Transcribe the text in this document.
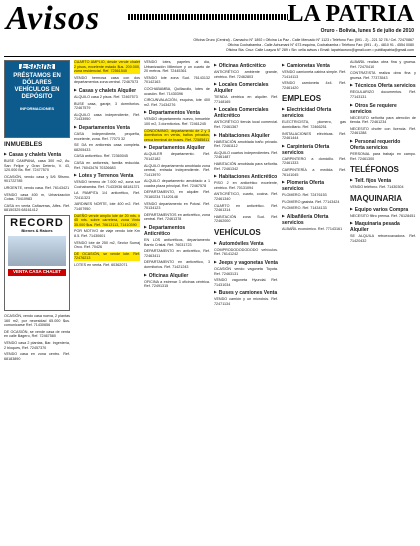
Avisos	LA PATRIA
Oruro - Bolivia, lunes 5 de julio de 2010
Oficina Oruro (Central) - Camacho N° 1892 • Oficina La Paz - Calle Mercado N° 1123 • Teléfono Fax: (591 - 2) - 221 32 78 / Cel. 72470867
Oficina Cochabamba - Calle Achumani N° 673 esquina, Cochabamba • Teléfono Fax: (591 - 4) - 4810 91 - 4554 0080
Oficina Sta. Cruz: Calle Loayza N° 289 • Sin: cella avisos • Email: lapatriaoruro@gmail.com • publilapatria@gmail.com
España
PRÉSTAMOS EN DÓLARES
VEHÍCULOS EN DEPÓSITO
INFORMACIONES
INMUEBLES
▶ Casas y chalets Venta

BUSE CAMPANA, casa 300 m2, Av. San Felipe y Gran Deterio, V. 43, 120.000 Bs. Ref. 72477570

OCASIÓN, vendo casa y 5/6 Sfismo. 901722785

URGENTE, vendo casa. Ref. 76143421

VENDO casa 400 m, Urbanización Cotas. 70410983

CASA en venta Cañaveras, Alfes. Ref. 68150325 68161412

RECORD
Bienes & Raíces
VENTA CASA CHALET

OCASIÓN, vendo casa nueva, 2 plantas 160 m2, por necesidad 65.000 $us. comunicarse Ref. 71430656

DE OCASIÓN, se vende casa de venta en calle Bagero, Ref. 72467580

VENDO casa 2 plantas, Bar. Ingeniería, 2 bloques, Ref. 72457370

VENDO casa en zona centro. Ref. 68183890

CUARTO AMPLIO, desde vende chalet 2 pisos, excelente estado $us. 200.000, zona residencial. Ref. 72561540

VENDO hermosa casa con dos departamentos zona central. 72467573

▶ Casas y chalets Alquiler

ALQUILO casa 2 pisos. Ref. 72467573

BUSE casa, garaje, 3 dormitorios. 72467579

ALQUILO casa independiente, Ref. 71433950

▶ Departamentos Venta

CASA independiente, pequeña, excelente, zona. Ref. 77073 32

SE DA en anticresis casa completa. 68205433

CASA anticrético. Ref. 72360045

CASA en anticresis, familia reducida. Ref. 76043476 70326683

▶ Lotes y Terrenos Venta

VENDO terreno de 7.000 m2, zona sur Cochabamba. Ref. 71433936 68181371

LA PAMPITA 1/4 anticrético, Ref. 72411323

JARDINES NORTE, lote 400 m2. Ref. 71407950

DUEÑO vende amplio lote de 20 mts. x 45 mts. sobre carretera, zona Vinto 35.000 $us. Ref. 70613113, 71410390

POR MOTIVO de viaje vendo lote Km 8.5. Ref. 71430601

VENDO lote de 250 m2, Sector Sumaj Orco. Ref. 70426

DE OCASIÓN, se vende lote. Ref. 72476213

LOTES en venta. Ref. 60362071

VENDO lotes, papeles al día, Urbanización Milenium y un cuarto de 20 metros. Ref. 72445361

VENDO lote zona Sud. 76143132 70142163

COCHABAMBA, Quillacollo, lotes de ocasión. Ref. 71430396

CIRCUNVALACIÓN, esquina, lote 400 m2. Ref. 71434276

▶ Departamentos Venta

VENDO departamento nuevo, inmueble 100 m2, 3 dormitorios. Ref. 72461245

CONDOMINIO, departamento de 2 y 3 dormitorios en venta, baños privados, cerca terminal de buses. Ref. 72585811

▶ Departamentos Alquiler

ALQUILER departamento. Ref. 70142182

ALQUILO departamento amoblado zona central, entrada independiente. Ref. 71413970

ALQUILO departamento amoblado a 1 cuadra plaza principal. Ref. 72467578

DEPARTAMENTO, en alquiler. Ref. 70160234 71420148

VENDO departamento en Potosí. Ref. 70134123

DEPARTAMENTOS en anticrético, zona central. Ref. 72461378

▶ Departamentos Anticrético

EN LOS anticréticos, departamento Barrio Cristal. Ref. 76031723

DEPARTAMENTO en anticrético, Ref. 72463411

DEPARTAMENTO en anticrético, 3 dormitorios. Ref. 71421243

▶ Oficinas Alquiler

OFICINA a estrenar 3 oficinas céntrica. Ref. 72491315

▶ Oficinas Anticrético

ANTICRÉTICO ambiente grande, céntrico. Ref. 72462803

▶ Locales Comerciales Alquiler

TIENDA céntrica en alquiler. Ref. 77148165

▶ Locales Comerciales Anticrético

ANTICRÉTICO tienda local comercial. Ref. 72461367

▶ Habitaciones Alquiler

HABITACIÓN amoblada baño privado. Ref. 72461112

ALQUILO cuartos independientes. Ref. 72461487

HABITACIÓN amoblada para señorita. Ref. 72461342

▶ Habitaciones Anticrético

PISO 2 en anticrético excelente, céntrico. Ref. 70131094

ANTICRÉTICO, cuarto, cocina. Ref. 72461340

CUARTO en anticrético. Ref. 72461314

HABITACIÓN zona Sud. Ref. 72462000

VEHÍCULOS
▶ Automóviles Venta

COMPRODODODODODO vehículos. Ref. 76141242

▶ Jeeps y vagonetas Venta

OCASIÓN vendo vagoneta Toyota. Ref. 72463131

VENDO vagoneta Hyundai. Ref. 71431034

▶ Buses y camiones Venta

VENDO camión y un microbús. Ref. 72471134

▶ Camionetas Venta

VENDO camioneta cabina simple. Ref. 71414113

VENDO camioneta 4x4. Ref. 72461420

EMPLEOS
▶ Electricidad Oferta servicios

ELECTRICISTA, plomero, gas domiciliario. Ref. 72466251

INSTALACIONES eléctricas. Ref. 72461444

▶ Carpintería Oferta servicios

CARPINTERO a domicilio. Ref. 72461333

CARPINTERÍA a medida. Ref. 76141045

▶ Plomería Oferta servicios

PLOMERO. Ref. 72476153

PLOMERO gasista. Ref. 77143424

PLOMERO. Ref. 71434133

▶ Albañilería Oferta servicios

ALBAÑIL económico. Ref. 77143161

ALBAÑIL realiza obra fina y gruesa. Ref. 72470410

CONTRATISTA realiza obra fina y gruesa. Ref. 77373543

▶ Técnicos Oferta servicios

REGULARIZO documentos. Ref. 77143131

▶ Otros Se requiere servicios

NECESITO señorita para atención de tienda. Ref. 72461234

NECESITO chofer con licencia. Ref. 72461288

▶ Personal requerido Oferta servicios

PERSONAL para trabajo en campo. Ref. 72461300

TELÉFONOS
▶ Telf. fijos Venta

VENDO teléfono. Ref. 71430304

MAQUINARIA
▶ Equipo varios Compra

NECESITO filtro prensa. Ref. 76128451

▶ Maquinaria pesada Alquiler

SE ALQUILA retroexcavadora. Ref. 71420432
